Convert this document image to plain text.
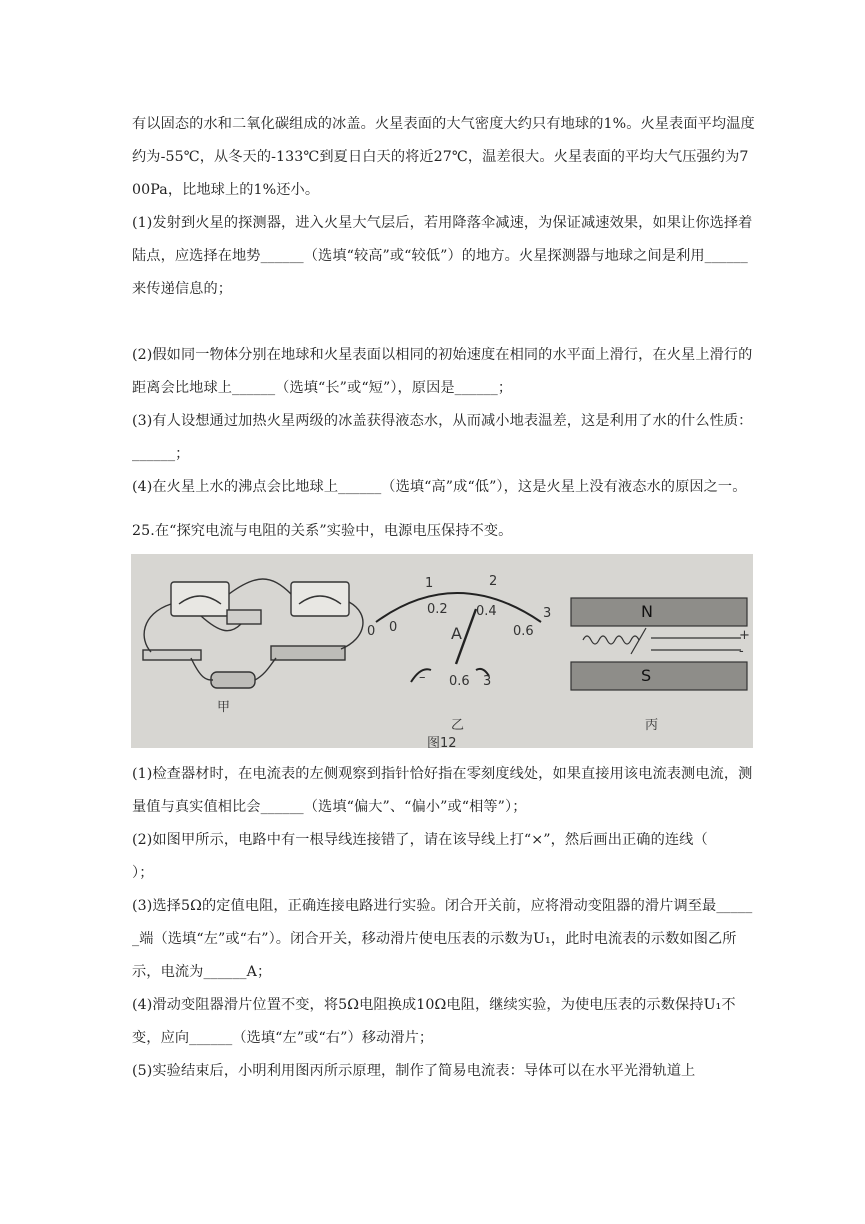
有以固态的水和二氧化碳组成的冰盖。火星表面的大气密度大约只有地球的1%。火星表面平均温度约为-55℃，从冬天的-133℃到夏日白天的将近27℃，温差很大。火星表面的平均大气压强约为700Pa，比地球上的1%还小。
(1)发射到火星的探测器，进入火星大气层后，若用降落伞减速，为保证减速效果，如果让你选择着陆点，应选择在地势______（选填“较高”或“较低”）的地方。火星探测器与地球之间是利用______来传递信息的；
(2)假如同一物体分别在地球和火星表面以相同的初始速度在相同的水平面上滑行，在火星上滑行的距离会比地球上______（选填“长”或“短”），原因是______；
(3)有人设想通过加热火星两级的冰盖获得液态水，从而减小地表温差，这是利用了水的什么性质：______；
(4)在火星上水的沸点会比地球上______（选填“高”成“低”），这是火星上没有液态水的原因之一。
25.在“探究电流与电阻的关系”实验中，电源电压保持不变。
甲
乙	丙
图12
A
0
1	2
3
0
0.2 0.4
0.6
– 0.6 3
N
S
+
-
(1)检查器材时，在电流表的左侧观察到指针恰好指在零刻度线处，如果直接用该电流表测电流，测量值与真实值相比会______（选填“偏大”、“偏小”或“相等”）；
(2)如图甲所示，电路中有一根导线连接错了，请在该导线上打“×”，然后画出正确的连线（　　　）；
(3)选择5Ω的定值电阻，正确连接电路进行实验。闭合开关前，应将滑动变阻器的滑片调至最______端（选填“左”或“右”）。闭合开关，移动滑片使电压表的示数为U₁，此时电流表的示数如图乙所示，电流为______A；
(4)滑动变阻器滑片位置不变，将5Ω电阻换成10Ω电阻，继续实验，为使电压表的示数保持U₁不变，应向______（选填“左”或“右”）移动滑片；
(5)实验结束后，小明利用图丙所示原理，制作了简易电流表：导体可以在水平光滑轨道上
